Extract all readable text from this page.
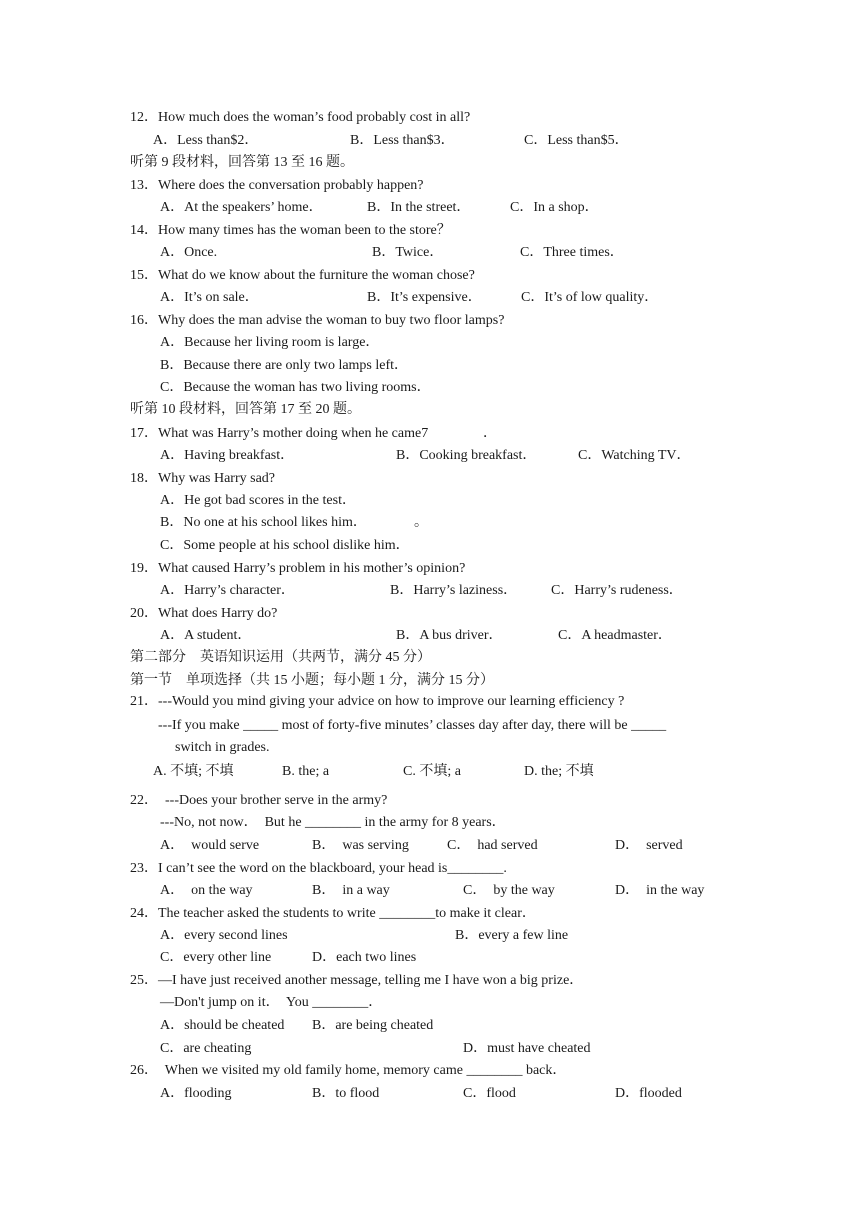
12．How much does the woman’s food probably cost in all?
A．Less than$2．	B．Less than$3．	C．Less than$5．
听第 9 段材料，回答第 13 至 16 题。
13．Where does the conversation probably happen?
A．At the speakers’ home．	B．In the street．	C．In a shop．
14．How many times has the woman been to the store？
A．Once.	B．Twice．	C．Three times．
15．What do we know about the furniture the woman chose?
A．It’s on sale．	B．It’s expensive．	C．It’s of low quality．
16．Why does the man advise the woman to buy two floor lamps?
A．Because her living room is large．
B．Because there are only two lamps left．
C．Because the woman has two living rooms．
听第 10 段材料，回答第 17 至 20 题。
17．What was Harry’s mother doing when he came7	．
A．Having breakfast．	B．Cooking breakfast．	C．Watching TV．
18．Why was Harry sad?
A．He got bad scores in the test．
B．No one at his school likes him．	。
C．Some people at his school dislike him．
19．What caused Harry’s problem in his mother’s opinion?
A．Harry’s character．	B．Harry’s laziness． C．Harry’s rudeness．
20．What does Harry do?
A．A student．	B．A bus driver．	C．A headmaster．
第二部分　英语知识运用（共两节，满分 45 分）
第一节　单项选择（共 15 小题；每小题 1 分，满分 15 分）
21．---Would you mind giving your advice on how to improve our learning efficiency ?
---If you make _____ most of forty-five minutes’ classes day after day, there will be _____
switch in grades.
A. 不填; 不填	B. the; a	C. 不填; a	D. the; 不填
22．  ---Does your brother serve in the army?
---No, not now．  But he ________ in the army for 8 years．
A．  would serve	B．  was serving	C．  had served	D．  served
23．I can’t see the word on the blackboard, your head is________.
A．  on the way	B．  in a way	C．  by the way	D．  in the way
24．The teacher asked the students to write ________to make it clear．
A．every second lines	B．every a few line
C．every other line	D．each two lines
25．—I have just received another message, telling me I have won a big prize．
—Don't jump on it．  You ________．
A．should be cheated B．are being cheated
C．are cheating	D．must have cheated
26．  When we visited my old family home, memory came ________ back．
A．flooding	B．to flood	C．flood	D．flooded
